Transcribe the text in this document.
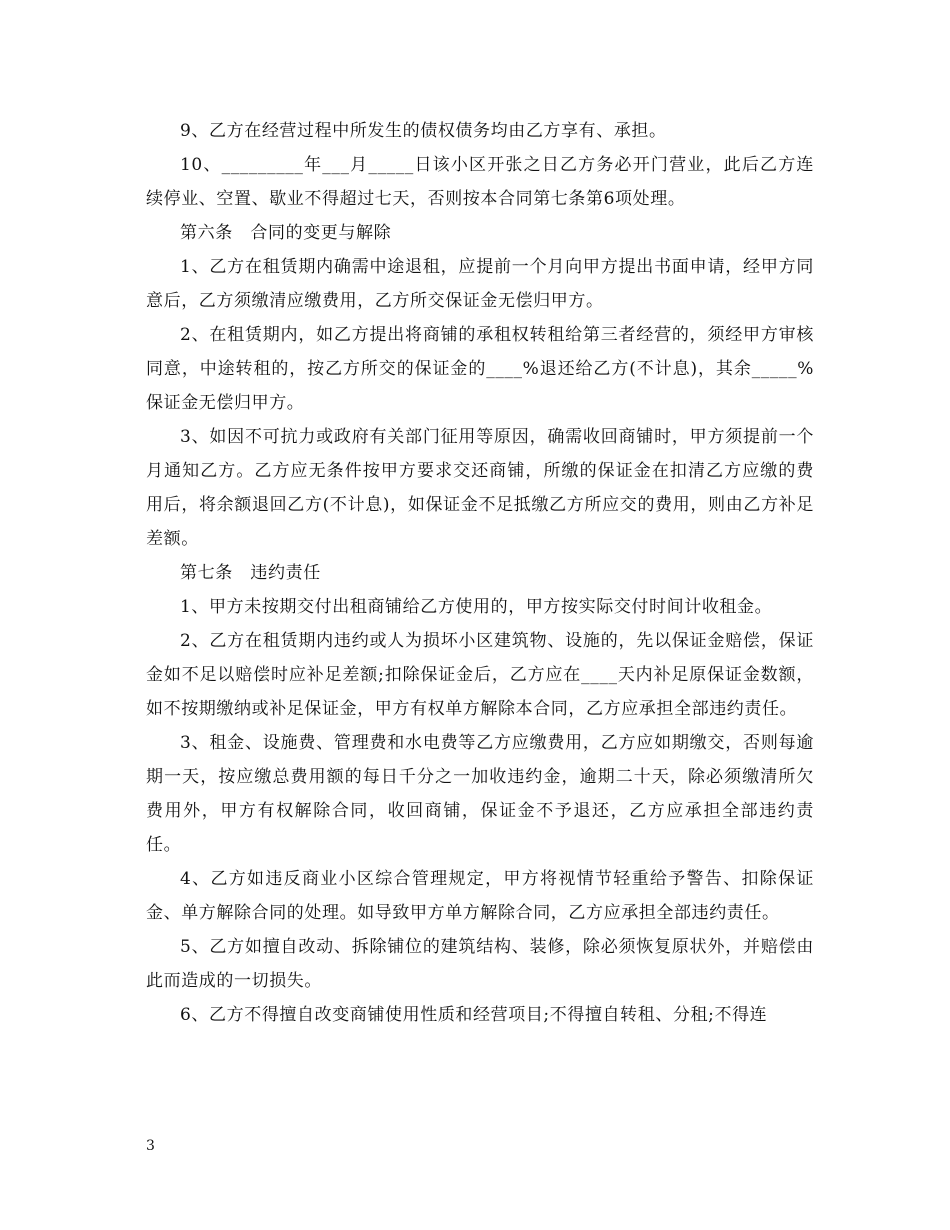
9、乙方在经营过程中所发生的债权债务均由乙方享有、承担。

10、_________年___月_____日该小区开张之日乙方务必开门营业，此后乙方连续停业、空置、歇业不得超过七天，否则按本合同第七条第6项处理。

第六条　合同的变更与解除

1、乙方在租赁期内确需中途退租，应提前一个月向甲方提出书面申请，经甲方同意后，乙方须缴清应缴费用，乙方所交保证金无偿归甲方。

2、在租赁期内，如乙方提出将商铺的承租权转租给第三者经营的，须经甲方审核同意，中途转租的，按乙方所交的保证金的____%退还给乙方(不计息)，其余_____%保证金无偿归甲方。

3、如因不可抗力或政府有关部门征用等原因，确需收回商铺时，甲方须提前一个月通知乙方。乙方应无条件按甲方要求交还商铺，所缴的保证金在扣清乙方应缴的费用后，将余额退回乙方(不计息)，如保证金不足抵缴乙方所应交的费用，则由乙方补足差额。

第七条　违约责任

1、甲方未按期交付出租商铺给乙方使用的，甲方按实际交付时间计收租金。

2、乙方在租赁期内违约或人为损坏小区建筑物、设施的，先以保证金赔偿，保证金如不足以赔偿时应补足差额;扣除保证金后，乙方应在____天内补足原保证金数额，如不按期缴纳或补足保证金，甲方有权单方解除本合同，乙方应承担全部违约责任。

3、租金、设施费、管理费和水电费等乙方应缴费用，乙方应如期缴交，否则每逾期一天，按应缴总费用额的每日千分之一加收违约金，逾期二十天，除必须缴清所欠费用外，甲方有权解除合同，收回商铺，保证金不予退还，乙方应承担全部违约责任。

4、乙方如违反商业小区综合管理规定，甲方将视情节轻重给予警告、扣除保证金、单方解除合同的处理。如导致甲方单方解除合同，乙方应承担全部违约责任。

5、乙方如擅自改动、拆除铺位的建筑结构、装修，除必须恢复原状外，并赔偿由此而造成的一切损失。

6、乙方不得擅自改变商铺使用性质和经营项目;不得擅自转租、分租;不得连

3
